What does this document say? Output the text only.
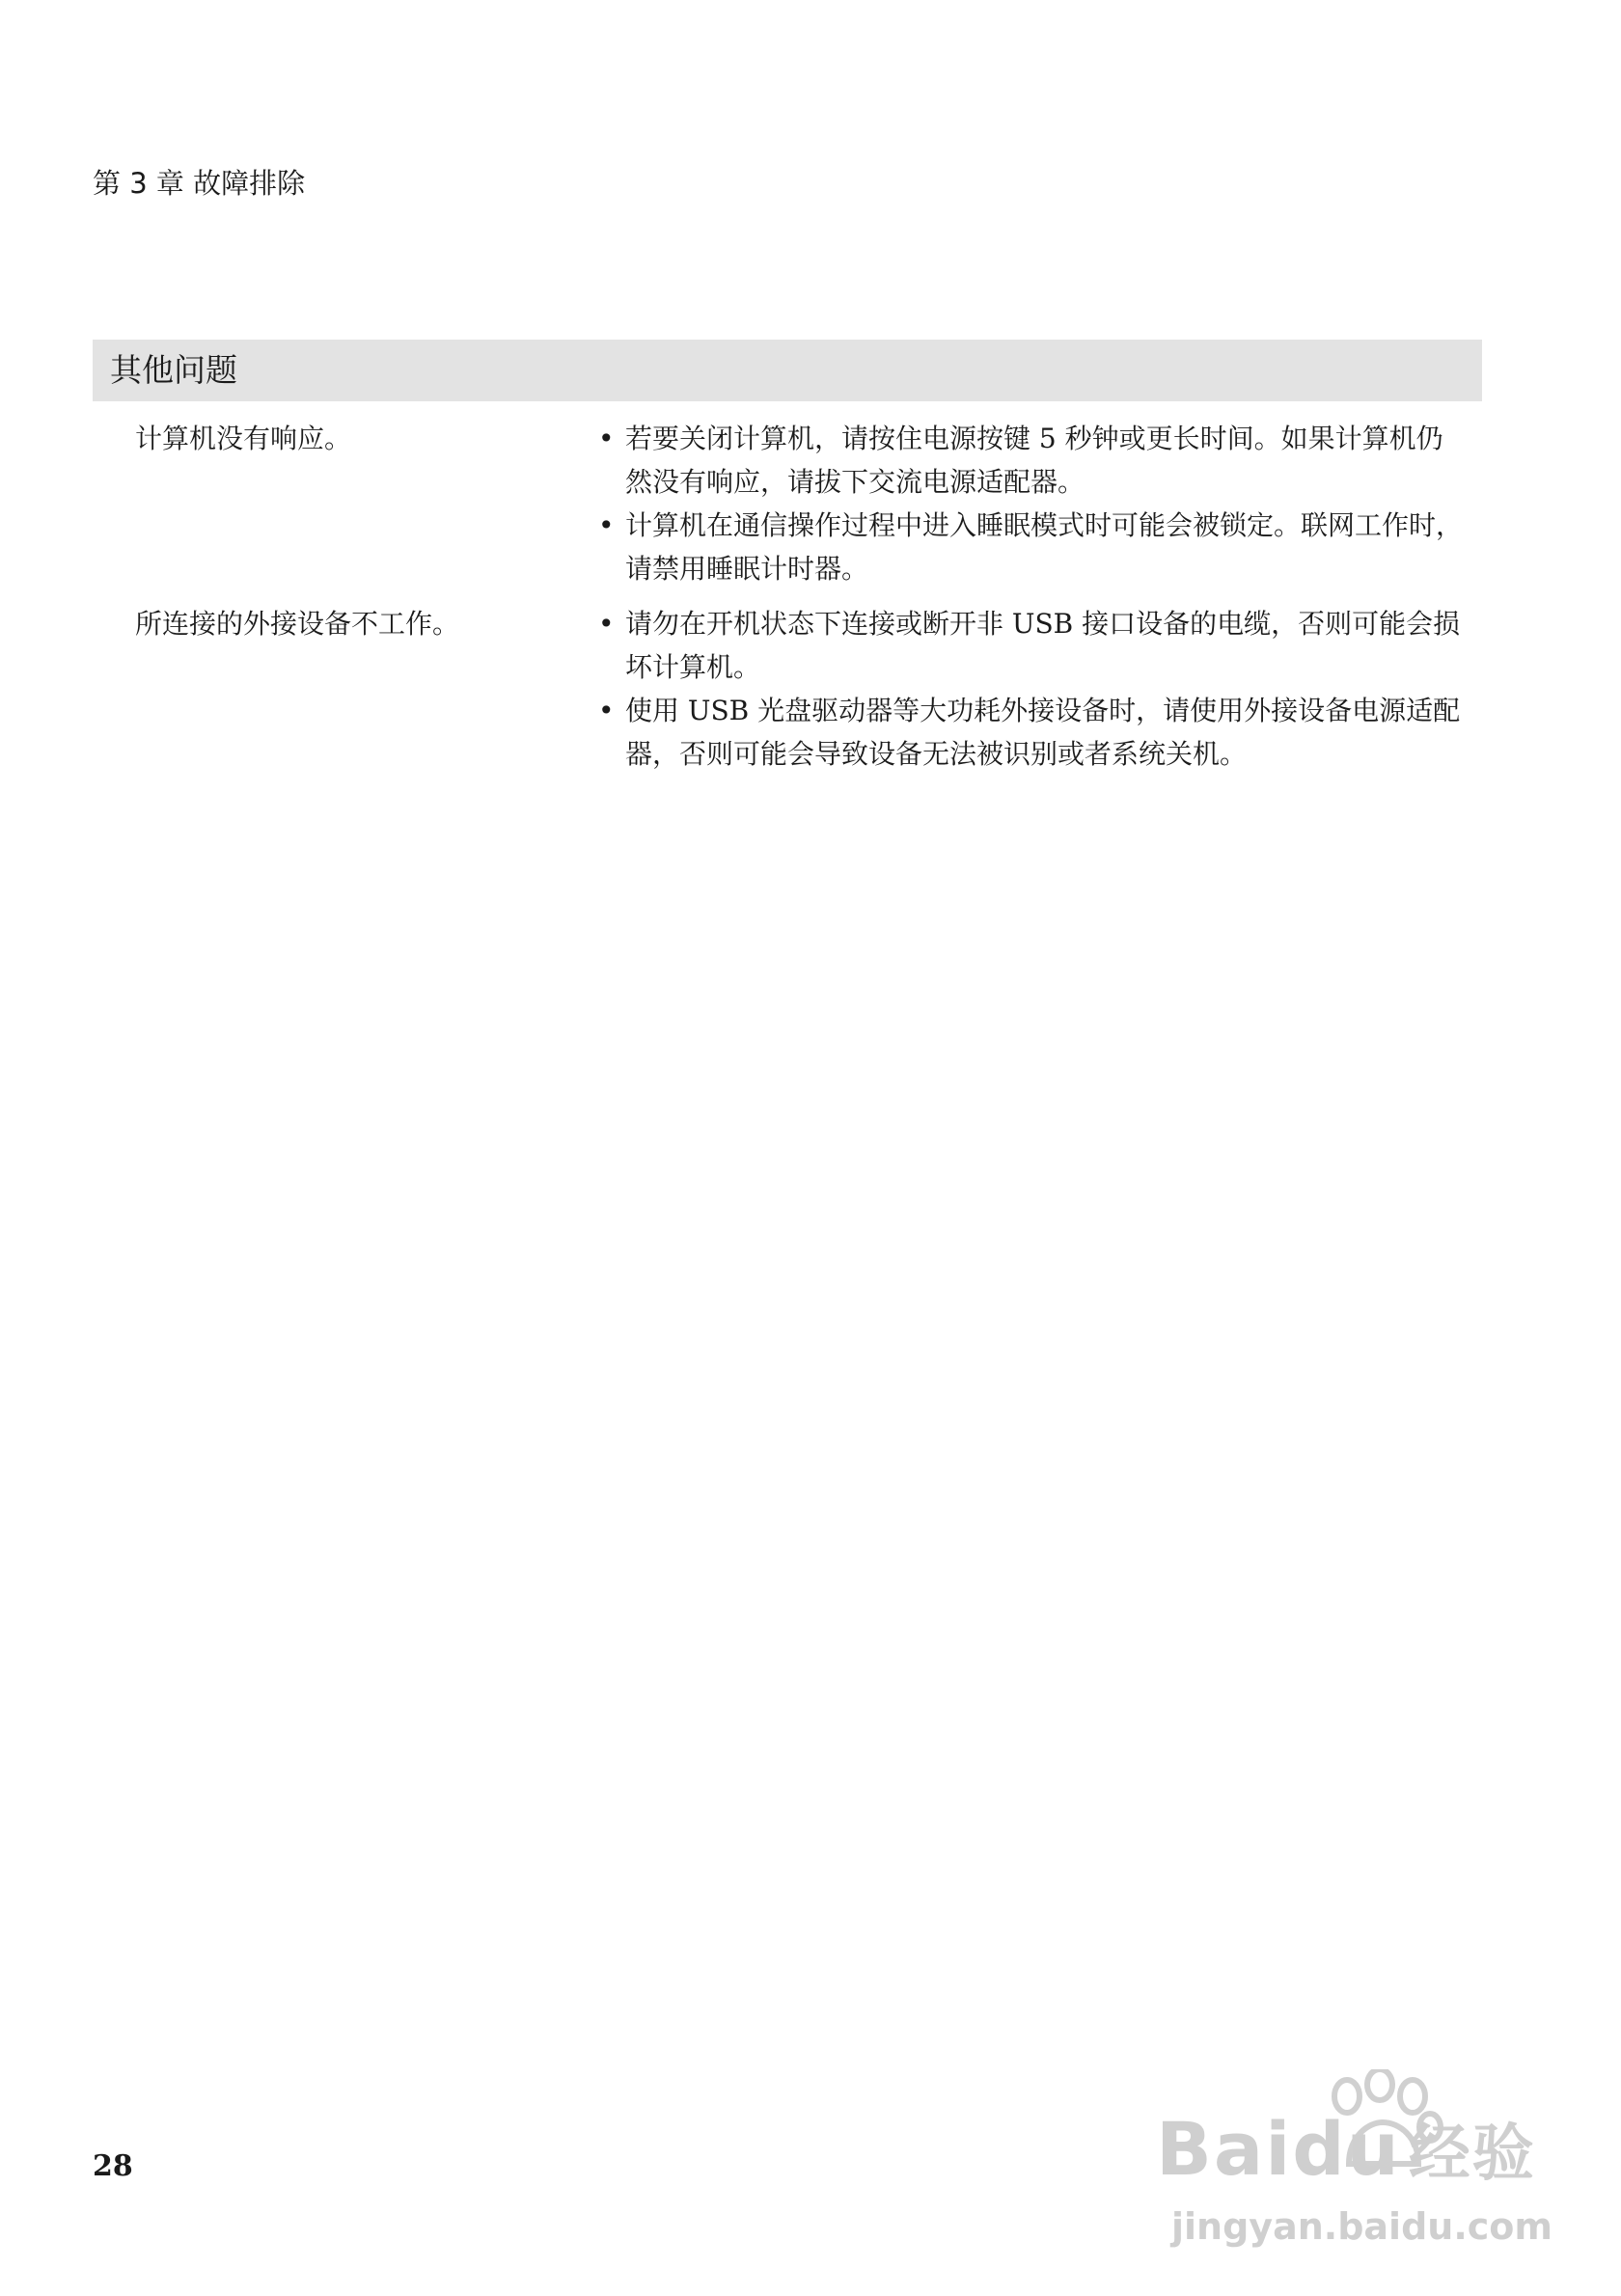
第 3 章 故障排除
其他问题
计算机没有响应。	• 若要关闭计算机，请按住电源按键 5 秒钟或更长时间。如果计算机仍然没有响应，请拔下交流电源适配器。
• 计算机在通信操作过程中进入睡眠模式时可能会被锁定。联网工作时，请禁用睡眠计时器。
所连接的外接设备不工作。	• 请勿在开机状态下连接或断开非 USB 接口设备的电缆，否则可能会损坏计算机。
• 使用 USB 光盘驱动器等大功耗外接设备时，请使用外接设备电源适配器，否则可能会导致设备无法被识别或者系统关机。
28	Baidu 经验
jingyan.baidu.com
